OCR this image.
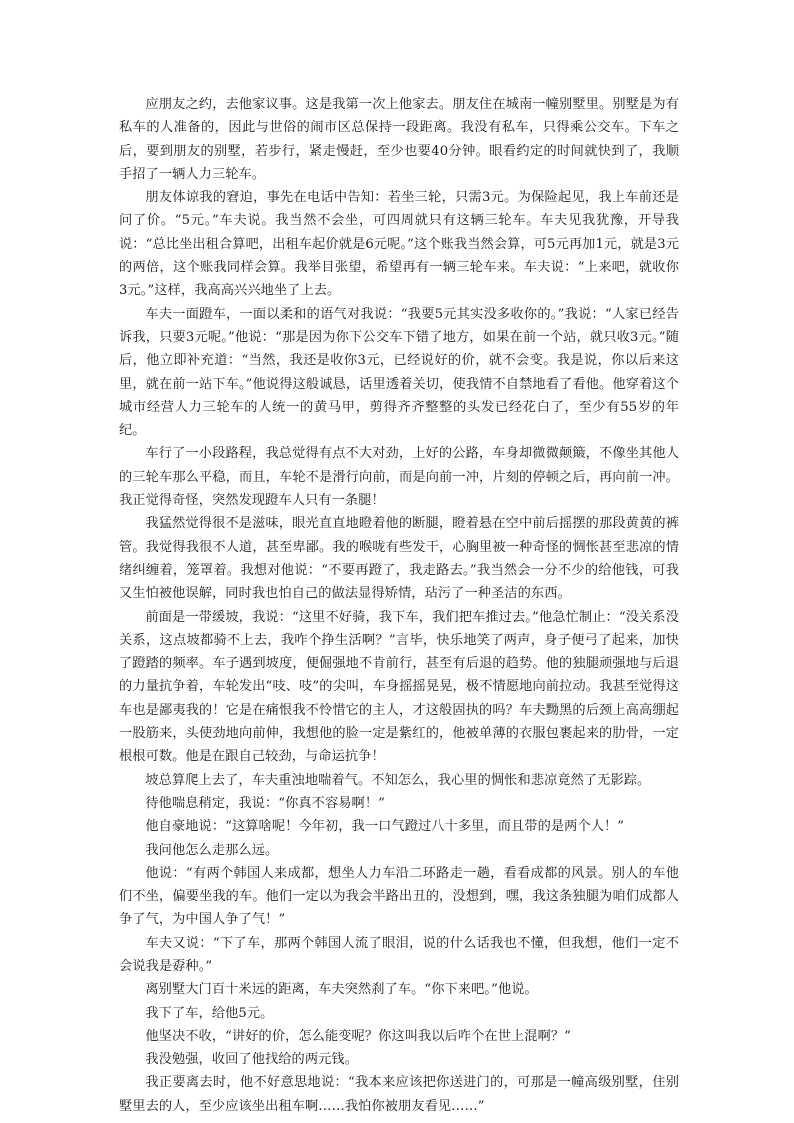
应朋友之约，去他家议事。这是我第一次上他家去。朋友住在城南一幢别墅里。别墅是为有私车的人准备的，因此与世俗的闹市区总保持一段距离。我没有私车，只得乘公交车。下车之后，要到朋友的别墅，若步行，紧走慢赶，至少也要40分钟。眼看约定的时间就快到了，我顺手招了一辆人力三轮车。

朋友体谅我的窘迫，事先在电话中告知：若坐三轮，只需3元。为保险起见，我上车前还是问了价。“5元。”车夫说。我当然不会坐，可四周就只有这辆三轮车。车夫见我犹豫，开导我说：“总比坐出租合算吧，出租车起价就是6元呢。”这个账我当然会算，可5元再加1元，就是3元的两倍，这个账我同样会算。我举目张望，希望再有一辆三轮车来。车夫说：“上来吧，就收你3元。”这样，我高高兴兴地坐了上去。

车夫一面蹬车，一面以柔和的语气对我说：“我要5元其实没多收你的。”我说：“人家已经告诉我，只要3元呢。”他说：“那是因为你下公交车下错了地方，如果在前一个站，就只收3元。”随后，他立即补充道：“当然，我还是收你3元，已经说好的价，就不会变。我是说，你以后来这里，就在前一站下车。”他说得这般诚恳，话里透着关切，使我情不自禁地看了看他。他穿着这个城市经营人力三轮车的人统一的黄马甲，剪得齐齐整整的头发已经花白了，至少有55岁的年纪。

车行了一小段路程，我总觉得有点不大对劲，上好的公路，车身却微微颠簸，不像坐其他人的三轮车那么平稳，而且，车轮不是滑行向前，而是向前一冲，片刻的停顿之后，再向前一冲。我正觉得奇怪，突然发现蹬车人只有一条腿！

我猛然觉得很不是滋味，眼光直直地瞪着他的断腿，瞪着悬在空中前后摇摆的那段黄黄的裤管。我觉得我很不人道，甚至卑鄙。我的喉咙有些发干，心胸里被一种奇怪的惆怅甚至悲凉的情绪纠缠着，笼罩着。我想对他说：“不要再蹬了，我走路去。”我当然会一分不少的给他钱，可我又生怕被他误解，同时我也怕自己的做法显得矫情，玷污了一种圣洁的东西。

前面是一带缓坡，我说：“这里不好骑，我下车，我们把车推过去。”他急忙制止：“没关系没关系，这点坡都骑不上去，我咋个挣生活啊？”言毕，快乐地笑了两声，身子便弓了起来，加快了蹬踏的频率。车子遇到坡度，便倔强地不肯前行，甚至有后退的趋势。他的独腿顽强地与后退的力量抗争着，车轮发出“吱、吱”的尖叫，车身摇摇晃晃，极不情愿地向前拉动。我甚至觉得这车也是鄙夷我的！它是在痛恨我不怜惜它的主人，才这般固执的吗？车夫黝黑的后颈上高高绷起一股筋来，头使劲地向前伸，我想他的脸一定是紫红的，他被单薄的衣服包裹起来的肋骨，一定根根可数。他是在跟自己较劲，与命运抗争！

坡总算爬上去了，车夫重浊地喘着气。不知怎么，我心里的惆怅和悲凉竟然了无影踪。

待他喘息稍定，我说：“你真不容易啊！”

他自豪地说：“这算啥呢！今年初，我一口气蹬过八十多里，而且带的是两个人！”

我问他怎么走那么远。

他说：“有两个韩国人来成都，想坐人力车沿二环路走一趟，看看成都的风景。别人的车他们不坐，偏要坐我的车。他们一定以为我会半路出丑的，没想到，嘿，我这条独腿为咱们成都人争了气，为中国人争了气！”

车夫又说：“下了车，那两个韩国人流了眼泪，说的什么话我也不懂，但我想，他们一定不会说我是孬种。”

离别墅大门百十米远的距离，车夫突然刹了车。“你下来吧。”他说。

我下了车，给他5元。

他坚决不收，“讲好的价，怎么能变呢？你这叫我以后咋个在世上混啊？”

我没勉强，收回了他找给的两元钱。

我正要离去时，他不好意思地说：“我本来应该把你送进门的，可那是一幢高级别墅，住别墅里去的人，至少应该坐出租车啊……我怕你被朋友看见……”
